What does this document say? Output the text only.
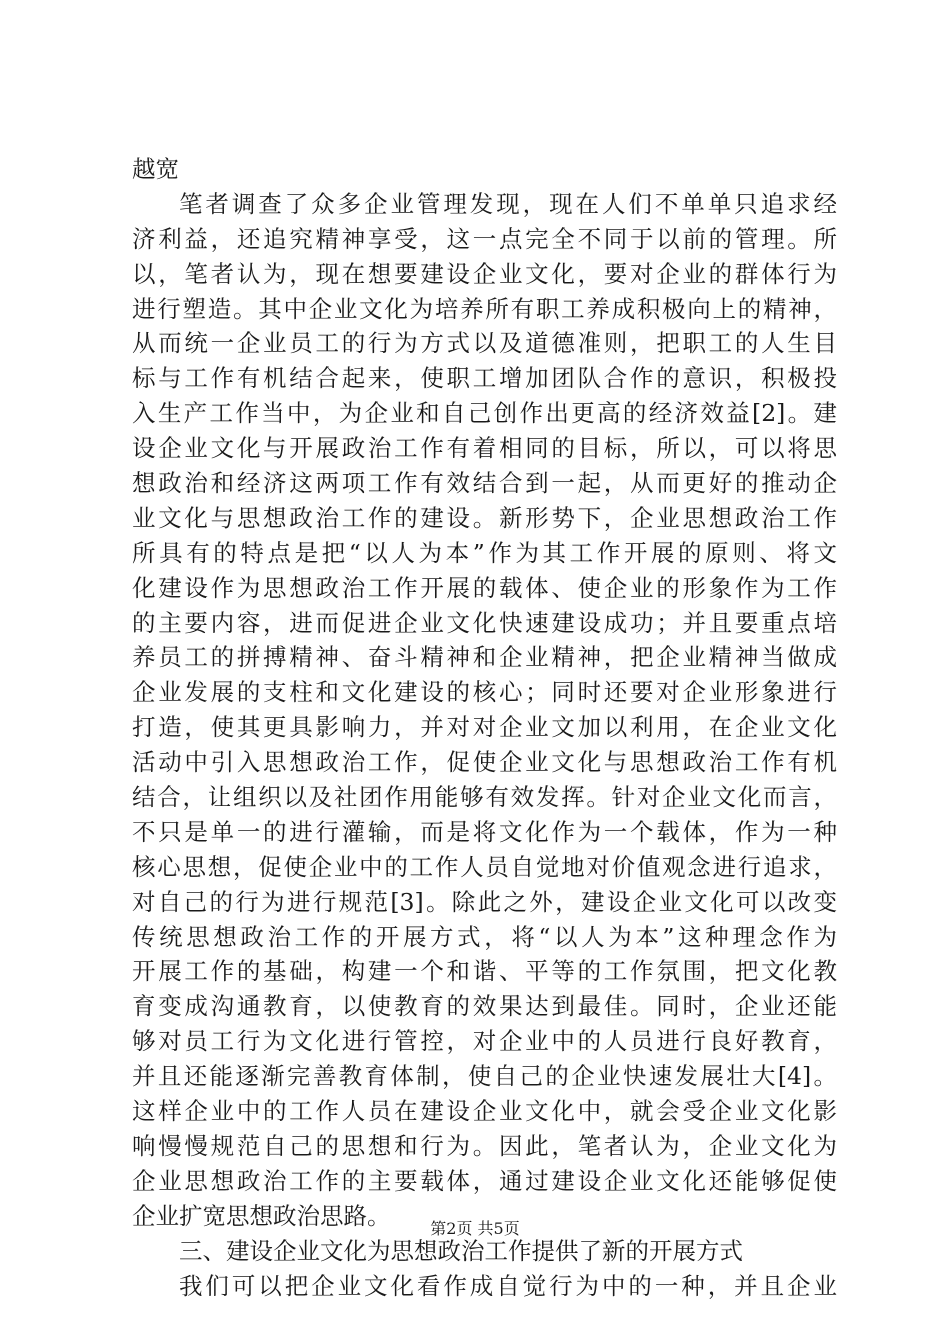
越宽
笔者调查了众多企业管理发现，现在人们不单单只追求经
济利益，还追究精神享受，这一点完全不同于以前的管理。所
以，笔者认为，现在想要建设企业文化，要对企业的群体行为
进行塑造。其中企业文化为培养所有职工养成积极向上的精神，
从而统一企业员工的行为方式以及道德准则，把职工的人生目
标与工作有机结合起来，使职工增加团队合作的意识，积极投
入生产工作当中，为企业和自己创作出更高的经济效益[2]。建
设企业文化与开展政治工作有着相同的目标，所以，可以将思
想政治和经济这两项工作有效结合到一起，从而更好的推动企
业文化与思想政治工作的建设。新形势下，企业思想政治工作
所具有的特点是把“以人为本”作为其工作开展的原则、将文
化建设作为思想政治工作开展的载体、使企业的形象作为工作
的主要内容，进而促进企业文化快速建设成功；并且要重点培
养员工的拼搏精神、奋斗精神和企业精神，把企业精神当做成
企业发展的支柱和文化建设的核心；同时还要对企业形象进行
打造，使其更具影响力，并对对企业文加以利用，在企业文化
活动中引入思想政治工作，促使企业文化与思想政治工作有机
结合，让组织以及社团作用能够有效发挥。针对企业文化而言，
不只是单一的进行灌输，而是将文化作为一个载体，作为一种
核心思想，促使企业中的工作人员自觉地对价值观念进行追求，
对自己的行为进行规范[3]。除此之外，建设企业文化可以改变
传统思想政治工作的开展方式，将“以人为本”这种理念作为
开展工作的基础，构建一个和谐、平等的工作氛围，把文化教
育变成沟通教育，以使教育的效果达到最佳。同时，企业还能
够对员工行为文化进行管控，对企业中的人员进行良好教育，
并且还能逐渐完善教育体制，使自己的企业快速发展壮大[4]。
这样企业中的工作人员在建设企业文化中，就会受企业文化影
响慢慢规范自己的思想和行为。因此，笔者认为，企业文化为
企业思想政治工作的主要载体，通过建设企业文化还能够促使
企业扩宽思想政治思路。
三、建设企业文化为思想政治工作提供了新的开展方式
我们可以把企业文化看作成自觉行为中的一种，并且企业
第2页 共5页
